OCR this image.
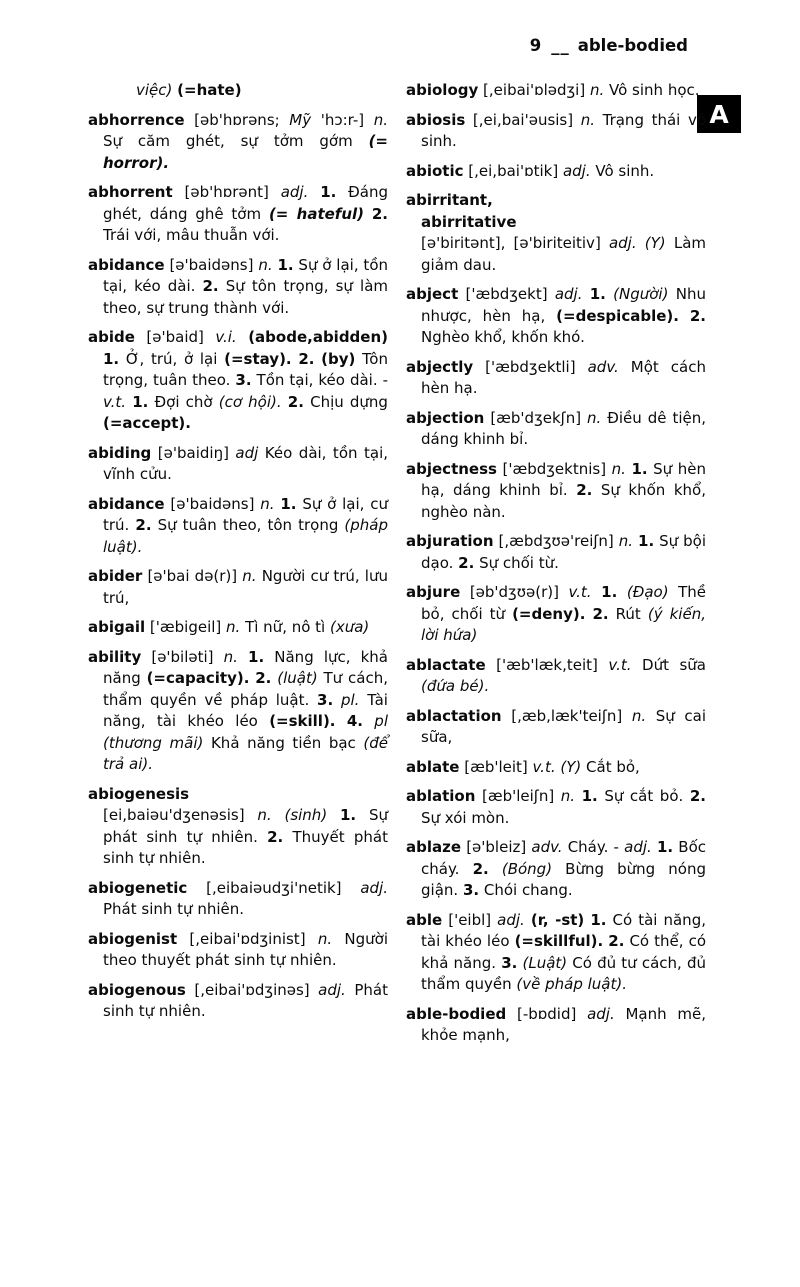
9 __ able-bodied
A

việc) (=hate)

abhorrence [əb'hɒrəns; Mỹ 'hɔ:r-] n. Sự căm ghét, sự tởm gớm (= horror).

abhorrent [əb'hɒrənt] adj. 1. Đáng ghét, dáng ghê tởm (= hateful) 2. Trái với, mâu thuẫn với.

abidance [ə'baidəns] n. 1. Sự ở lại, tồn tại, kéo dài. 2. Sự tôn trọng, sự làm theo, sự trung thành với.

abide [ə'baid] v.i. (abode,abidden) 1. Ở, trú, ở lại (=stay). 2. (by) Tôn trọng, tuân theo. 3. Tồn tại, kéo dài. - v.t. 1. Đợi chờ (cơ hội). 2. Chịu dựng (=accept).

abiding [ə'baidiŋ] adj Kéo dài, tồn tại, vĩnh cửu.

abidance [ə'baidəns] n. 1. Sự ở lại, cư trú. 2. Sự tuân theo, tôn trọng (pháp luật).

abider [ə'bai də(r)] n. Người cư trú, lưu trú,

abigail ['æbigeil] n. Tì nữ, nô tì (xưa)

ability [ə'biləti] n. 1. Năng lực, khả năng (=capacity). 2. (luật) Tư cách, thẩm quyền về pháp luật. 3. pl. Tài năng, tài khéo léo (=skill). 4. pl (thương mãi) Khả năng tiền bạc (để trả ai).

abiogenesis
[ei,baiəu'dʒenəsis] n. (sinh) 1. Sự phát sinh tự nhiên. 2. Thuyết phát sinh tự nhiên.

abiogenetic [,eibaiəudʒi'netik] adj. Phát sinh tự nhiên.

abiogenist [,eibai'ɒdʒinist] n. Người theo thuyết phát sinh tự nhiên.

abiogenous [,eibai'ɒdʒinəs] adj. Phát sinh tự nhiên.

abiology [,eibai'ɒlədʒi] n. Vô sinh học.

abiosis [,ei,bai'əusis] n. Trạng thái vô sinh.

abiotic [,ei,bai'ɒtik] adj. Vô sinh.

abirritant,abirritative
[ə'biritənt], [ə'biriteitiv] adj. (Y) Làm giảm dau.

abject ['æbdʒekt] adj. 1. (Người) Nhu nhược, hèn hạ, (=despicable). 2. Nghèo khổ, khốn khó.

abjectly ['æbdʒektli] adv. Một cách hèn hạ.

abjection [æb'dʒekʃn] n. Điều dê tiện, dáng khinh bỉ.

abjectness ['æbdʒektnis] n. 1. Sự hèn hạ, dáng khinh bỉ. 2. Sự khốn khổ, nghèo nàn.

abjuration [,æbdʒʊə'reiʃn] n. 1. Sự bội dạo. 2. Sự chối từ.

abjure [əb'dʒʊə(r)] v.t. 1. (Đạo) Thề bỏ, chối từ (=deny). 2. Rút (ý kiến, lời hứa)

ablactate ['æb'læk,teit] v.t. Dứt sữa (đứa bé).

ablactation [,æb,læk'teiʃn] n. Sự cai sữa,

ablate [æb'leit] v.t. (Y) Cắt bỏ,

ablation [æb'leiʃn] n. 1. Sự cắt bỏ. 2. Sự xói mòn.

ablaze [ə'bleiz] adv. Cháy. - adj. 1. Bốc cháy. 2. (Bóng) Bừng bừng nóng giận. 3. Chói chang.

able ['eibl] adj. (r, -st) 1. Có tài năng, tài khéo léo (=skillful). 2. Có thể, có khả năng. 3. (Luật) Có đủ tư cách, đủ thẩm quyền (về pháp luật).

able-bodied [-bɒdid] adj. Mạnh mẽ, khỏe mạnh,
